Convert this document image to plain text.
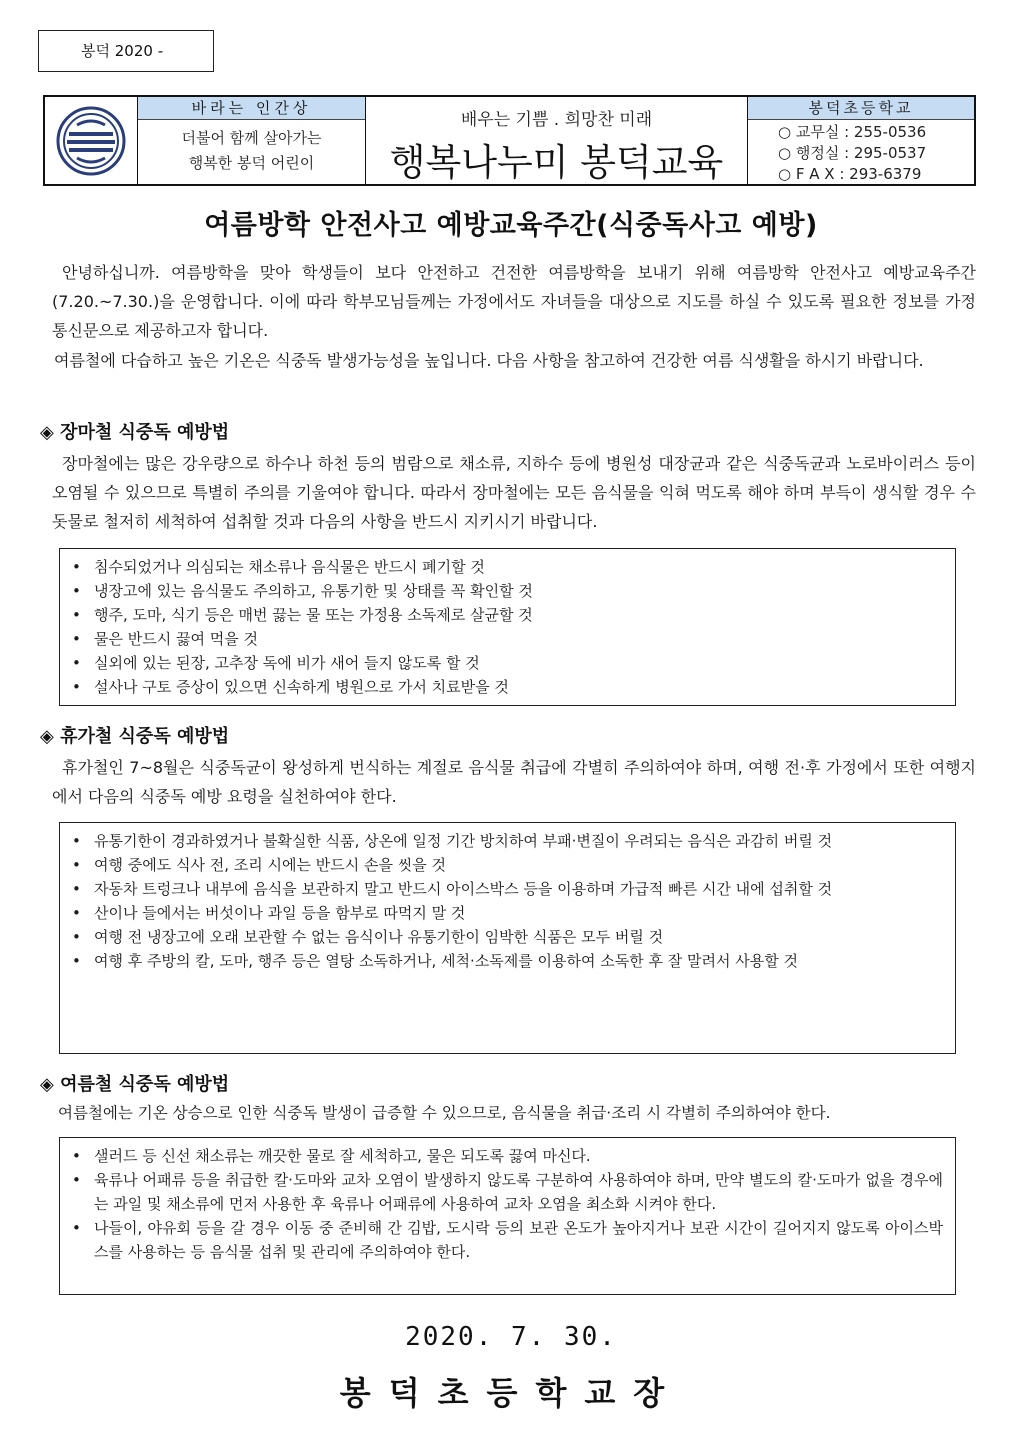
봉덕 2020 -
바라는 인간상
더불어 함께 살아가는
행복한 봉덕 어린이
배우는 기쁨 . 희망찬 미래
행복나누미 봉덕교육
봉덕초등학교
○ 교무실 : 255-0536
○ 행정실 : 295-0537
○ F A X : 293-6379
여름방학 안전사고 예방교육주간(식중독사고 예방)
안녕하십니까. 여름방학을 맞아 학생들이 보다 안전하고 건전한 여름방학을 보내기 위해 여름방학 안전사고 예방교육주간(7.20.~7.30.)을 운영합니다. 이에 따라 학부모님들께는 가정에서도 자녀들을 대상으로 지도를 하실 수 있도록 필요한 정보를 가정통신문으로 제공하고자 합니다.
여름철에 다습하고 높은 기온은 식중독 발생가능성을 높입니다. 다음 사항을 참고하여 건강한 여름 식생활을 하시기 바랍니다.
◈ 장마철 식중독 예방법
장마철에는 많은 강우량으로 하수나 하천 등의 범람으로 채소류, 지하수 등에 병원성 대장균과 같은 식중독균과 노로바이러스 등이 오염될 수 있으므로 특별히 주의를 기울여야 합니다. 따라서 장마철에는 모든 음식물을 익혀 먹도록 해야 하며 부득이 생식할 경우 수돗물로 철저히 세척하여 섭취할 것과 다음의 사항을 반드시 지키시기 바랍니다.
• 침수되었거나 의심되는 채소류나 음식물은 반드시 폐기할 것
• 냉장고에 있는 음식물도 주의하고, 유통기한 및 상태를 꼭 확인할 것
• 행주, 도마, 식기 등은 매번 끓는 물 또는 가정용 소독제로 살균할 것
• 물은 반드시 끓여 먹을 것
• 실외에 있는 된장, 고추장 독에 비가 새어 들지 않도록 할 것
• 설사나 구토 증상이 있으면 신속하게 병원으로 가서 치료받을 것
◈ 휴가철 식중독 예방법
휴가철인 7~8월은 식중독균이 왕성하게 번식하는 계절로 음식물 취급에 각별히 주의하여야 하며, 여행 전·후 가정에서 또한 여행지에서 다음의 식중독 예방 요령을 실천하여야 한다.
• 유통기한이 경과하였거나 불확실한 식품, 상온에 일정 기간 방치하여 부패·변질이 우려되는 음식은 과감히 버릴 것
• 여행 중에도 식사 전, 조리 시에는 반드시 손을 씻을 것
• 자동차 트렁크나 내부에 음식을 보관하지 말고 반드시 아이스박스 등을 이용하며 가급적 빠른 시간 내에 섭취할 것
• 산이나 들에서는 버섯이나 과일 등을 함부로 따먹지 말 것
• 여행 전 냉장고에 오래 보관할 수 없는 음식이나 유통기한이 임박한 식품은 모두 버릴 것
• 여행 후 주방의 칼, 도마, 행주 등은 열탕 소독하거나, 세척·소독제를 이용하여 소독한 후 잘 말려서 사용할 것
◈ 여름철 식중독 예방법
여름철에는 기온 상승으로 인한 식중독 발생이 급증할 수 있으므로, 음식물을 취급·조리 시 각별히 주의하여야 한다.
• 샐러드 등 신선 채소류는 깨끗한 물로 잘 세척하고, 물은 되도록 끓여 마신다.
• 육류나 어패류 등을 취급한 칼·도마와 교차 오염이 발생하지 않도록 구분하여 사용하여야 하며, 만약 별도의 칼·도마가 없을 경우에는 과일 및 채소류에 먼저 사용한 후 육류나 어패류에 사용하여 교차 오염을 최소화 시켜야 한다.
• 나들이, 야유회 등을 갈 경우 이동 중 준비해 간 김밥, 도시락 등의 보관 온도가 높아지거나 보관 시간이 길어지지 않도록 아이스박스를 사용하는 등 음식물 섭취 및 관리에 주의하여야 한다.
2020. 7. 30.
봉덕초등학교장
